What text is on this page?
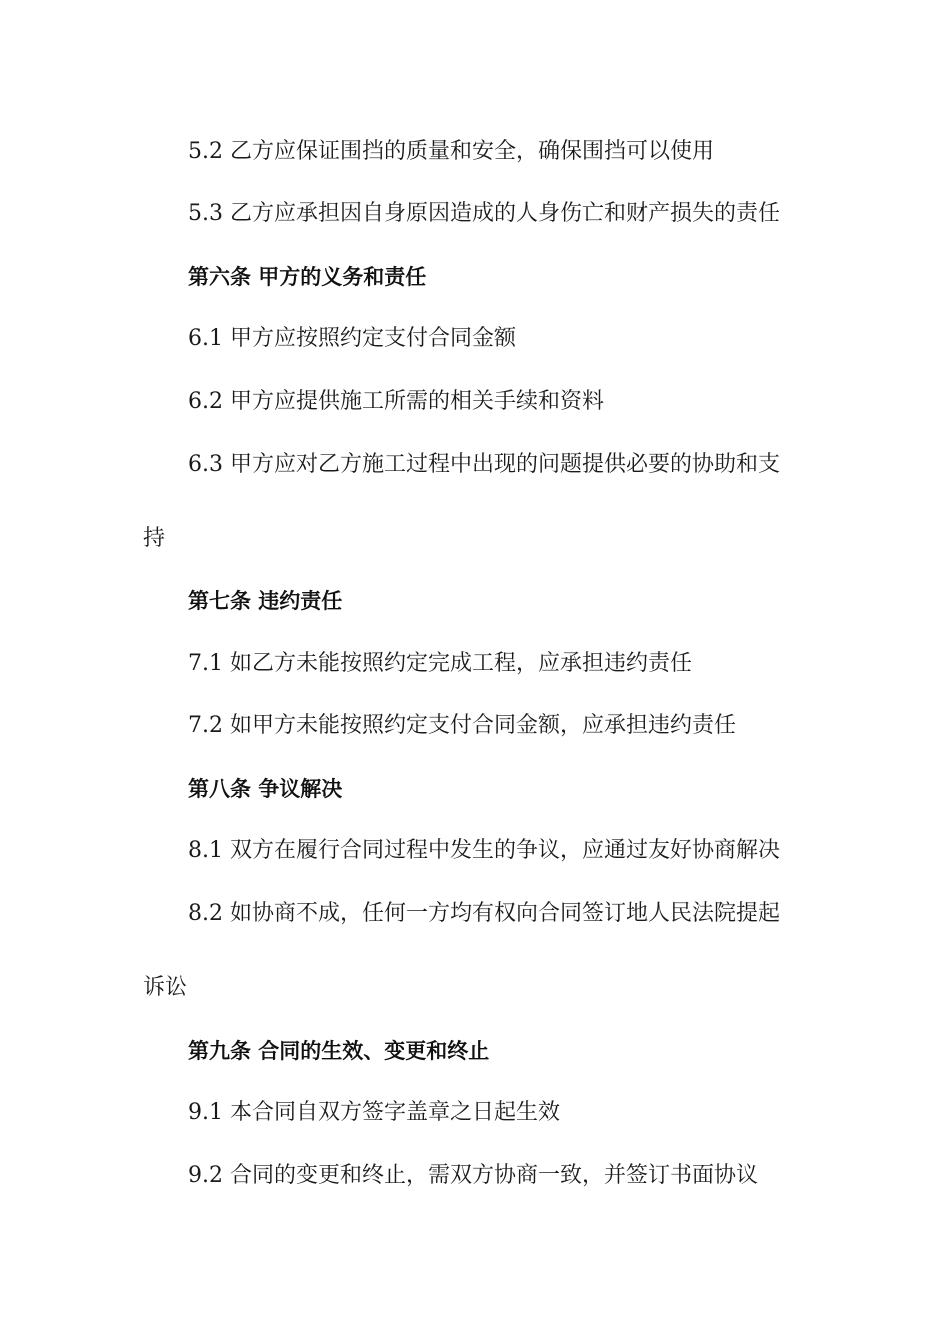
5.2 乙方应保证围挡的质量和安全，确保围挡可以使用

5.3 乙方应承担因自身原因造成的人身伤亡和财产损失的责任

第六条 甲方的义务和责任

6.1 甲方应按照约定支付合同金额

6.2 甲方应提供施工所需的相关手续和资料

6.3 甲方应对乙方施工过程中出现的问题提供必要的协助和支

持

第七条 违约责任

7.1 如乙方未能按照约定完成工程，应承担违约责任

7.2 如甲方未能按照约定支付合同金额，应承担违约责任

第八条 争议解决

8.1 双方在履行合同过程中发生的争议，应通过友好协商解决

8.2 如协商不成，任何一方均有权向合同签订地人民法院提起

诉讼

第九条 合同的生效、变更和终止

9.1 本合同自双方签字盖章之日起生效

9.2 合同的变更和终止，需双方协商一致，并签订书面协议
